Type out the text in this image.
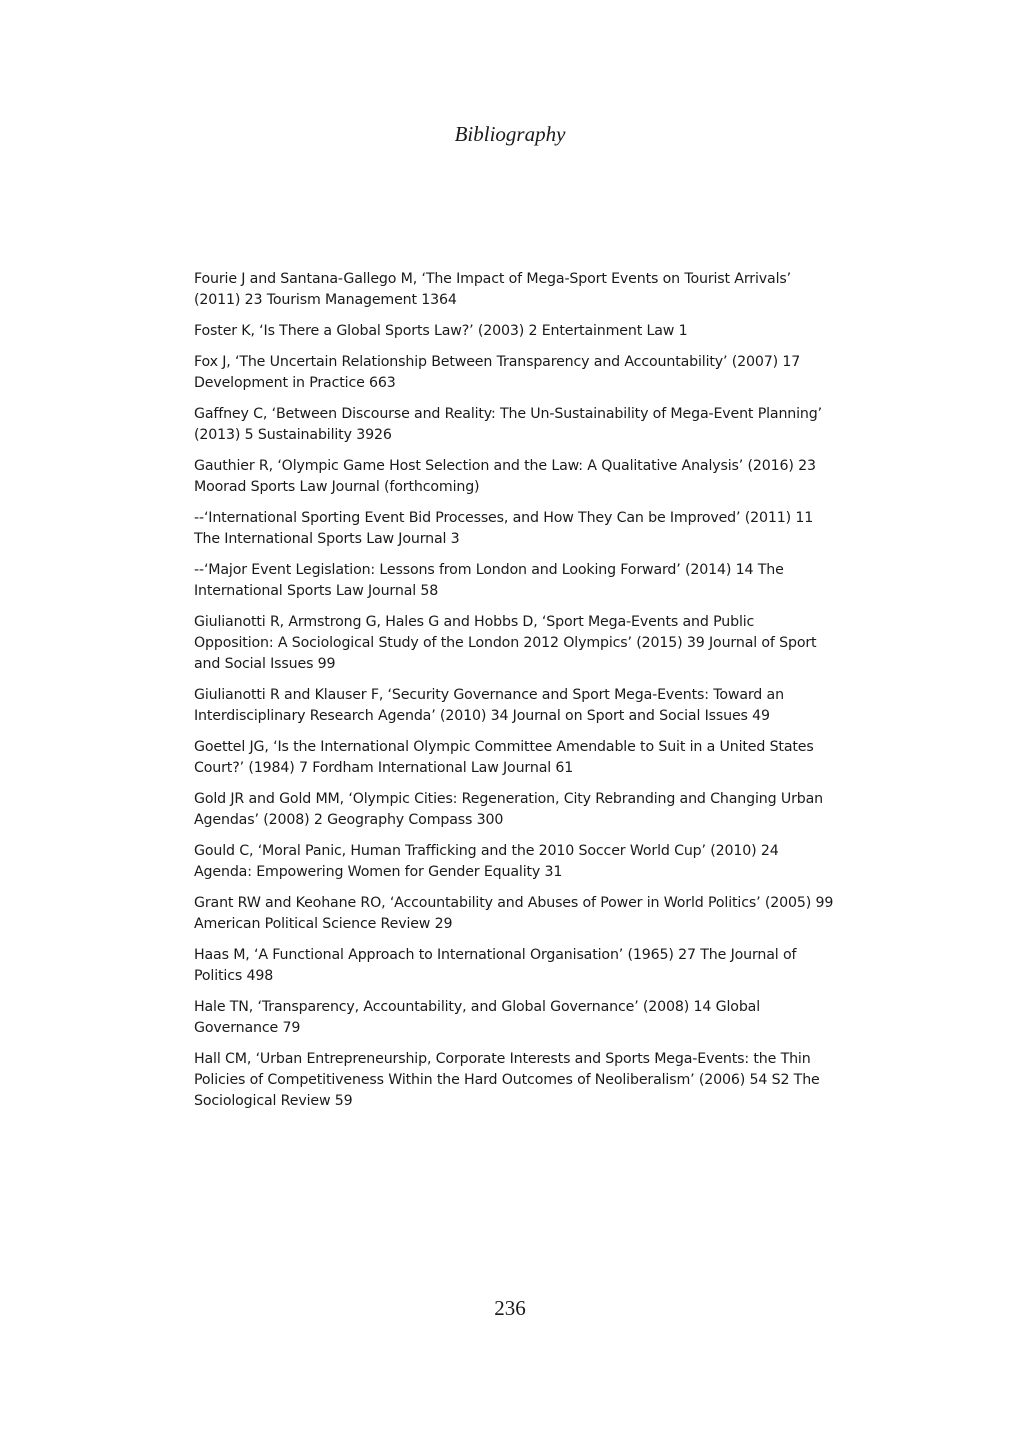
Bibliography
Fourie J and Santana-Gallego M, ‘The Impact of Mega-Sport Events on Tourist Arrivals’ (2011) 23 Tourism Management 1364
Foster K, ‘Is There a Global Sports Law?’ (2003) 2 Entertainment Law 1
Fox J, ‘The Uncertain Relationship Between Transparency and Accountability’ (2007) 17 Development in Practice 663
Gaffney C, ‘Between Discourse and Reality: The Un-Sustainability of Mega-Event Planning’ (2013) 5 Sustainability 3926
Gauthier R, ‘Olympic Game Host Selection and the Law: A Qualitative Analysis’ (2016) 23 Moorad Sports Law Journal (forthcoming)
--‘International Sporting Event Bid Processes, and How They Can be Improved’ (2011) 11 The International Sports Law Journal 3
--‘Major Event Legislation: Lessons from London and Looking Forward’ (2014) 14 The International Sports Law Journal 58
Giulianotti R, Armstrong G, Hales G and Hobbs D, ‘Sport Mega-Events and Public Opposition: A Sociological Study of the London 2012 Olympics’ (2015) 39 Journal of Sport and Social Issues 99
Giulianotti R and Klauser F, ‘Security Governance and Sport Mega-Events: Toward an Interdisciplinary Research Agenda’ (2010) 34 Journal on Sport and Social Issues 49
Goettel JG, ‘Is the International Olympic Committee Amendable to Suit in a United States Court?’ (1984) 7 Fordham International Law Journal 61
Gold JR and Gold MM, ‘Olympic Cities: Regeneration, City Rebranding and Changing Urban Agendas’ (2008) 2 Geography Compass 300
Gould C, ‘Moral Panic, Human Trafficking and the 2010 Soccer World Cup’ (2010) 24 Agenda: Empowering Women for Gender Equality 31
Grant RW and Keohane RO, ‘Accountability and Abuses of Power in World Politics’ (2005) 99 American Political Science Review 29
Haas M, ‘A Functional Approach to International Organisation’ (1965) 27 The Journal of Politics 498
Hale TN, ‘Transparency, Accountability, and Global Governance’ (2008) 14 Global Governance 79
Hall CM, ‘Urban Entrepreneurship, Corporate Interests and Sports Mega-Events: the Thin Policies of Competitiveness Within the Hard Outcomes of Neoliberalism’ (2006) 54 S2 The Sociological Review 59

236
